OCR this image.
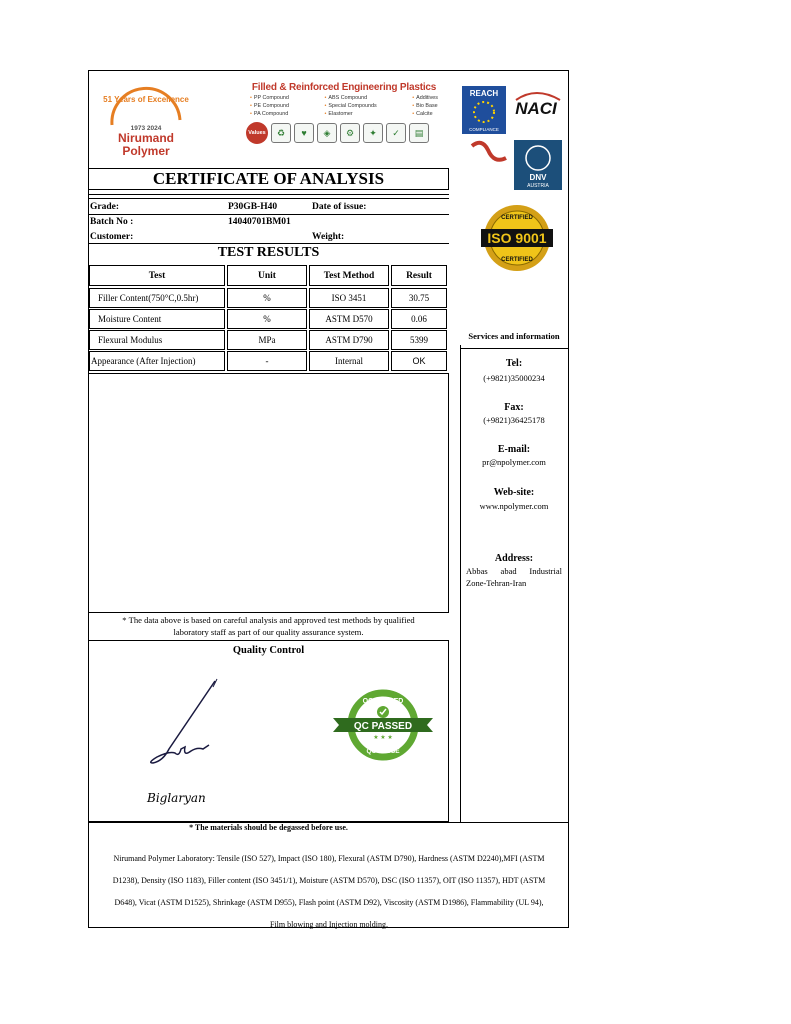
51 Years of Excellence
1973 2024
Nirumand
Polymer
Filled & Reinforced Engineering Plastics
• PP Compound
• PE Compound
• PA Compound
• ABS Compound
• Special Compounds
• Elastomer
• Additives
• Bio Base
• Calcite
Values	♻	♥	◈	⚙	✦	✓	▤
REACH
COMPLIANCE
NACI
DNV
AUSTRIA
ISO 9001
CERTIFIED
CERTIFIED
CERTIFICATE OF ANALYSIS
Grade:	P30GB-H40	Date of issue:
Batch No :	14040701BM01
Customer:	Weight:
TEST RESULTS
Test	Unit	Test Method	Result
Filler Content(750°C,0.5hr)	%	ISO 3451	30.75
Moisture Content	%	ASTM D570	0.06
Flexural Modulus	MPa	ASTM D790	5399
Appearance (After Injection)	-	Internal	OK
* The data above is based on careful analysis and approved test methods by qualified
laboratory staff as part of our quality assurance system.
Quality Control
Biglaryan
QC PASSED
QC PASSED
★ ★ ★
QC PASSE
Services and information
Tel:
(+9821)35000234
Fax:
(+9821)36425178
E-mail:
pr@npolymer.com
Web-site:
www.npolymer.com
Address:
Abbas abad Industrial
Zone-Tehran-Iran
* The materials should be degassed before use.
Nirumand Polymer Laboratory: Tensile (ISO 527), Impact (ISO 180), Flexural (ASTM D790), Hardness (ASTM D2240),MFI (ASTM
D1238), Density (ISO 1183), Filler content (ISO 3451/1), Moisture (ASTM D570), DSC (ISO 11357), OIT (ISO 11357), HDT (ASTM
D648), Vicat (ASTM D1525), Shrinkage (ASTM D955), Flash point (ASTM D92), Viscosity (ASTM D1986), Flammability (UL 94),
Film blowing and Injection molding.
